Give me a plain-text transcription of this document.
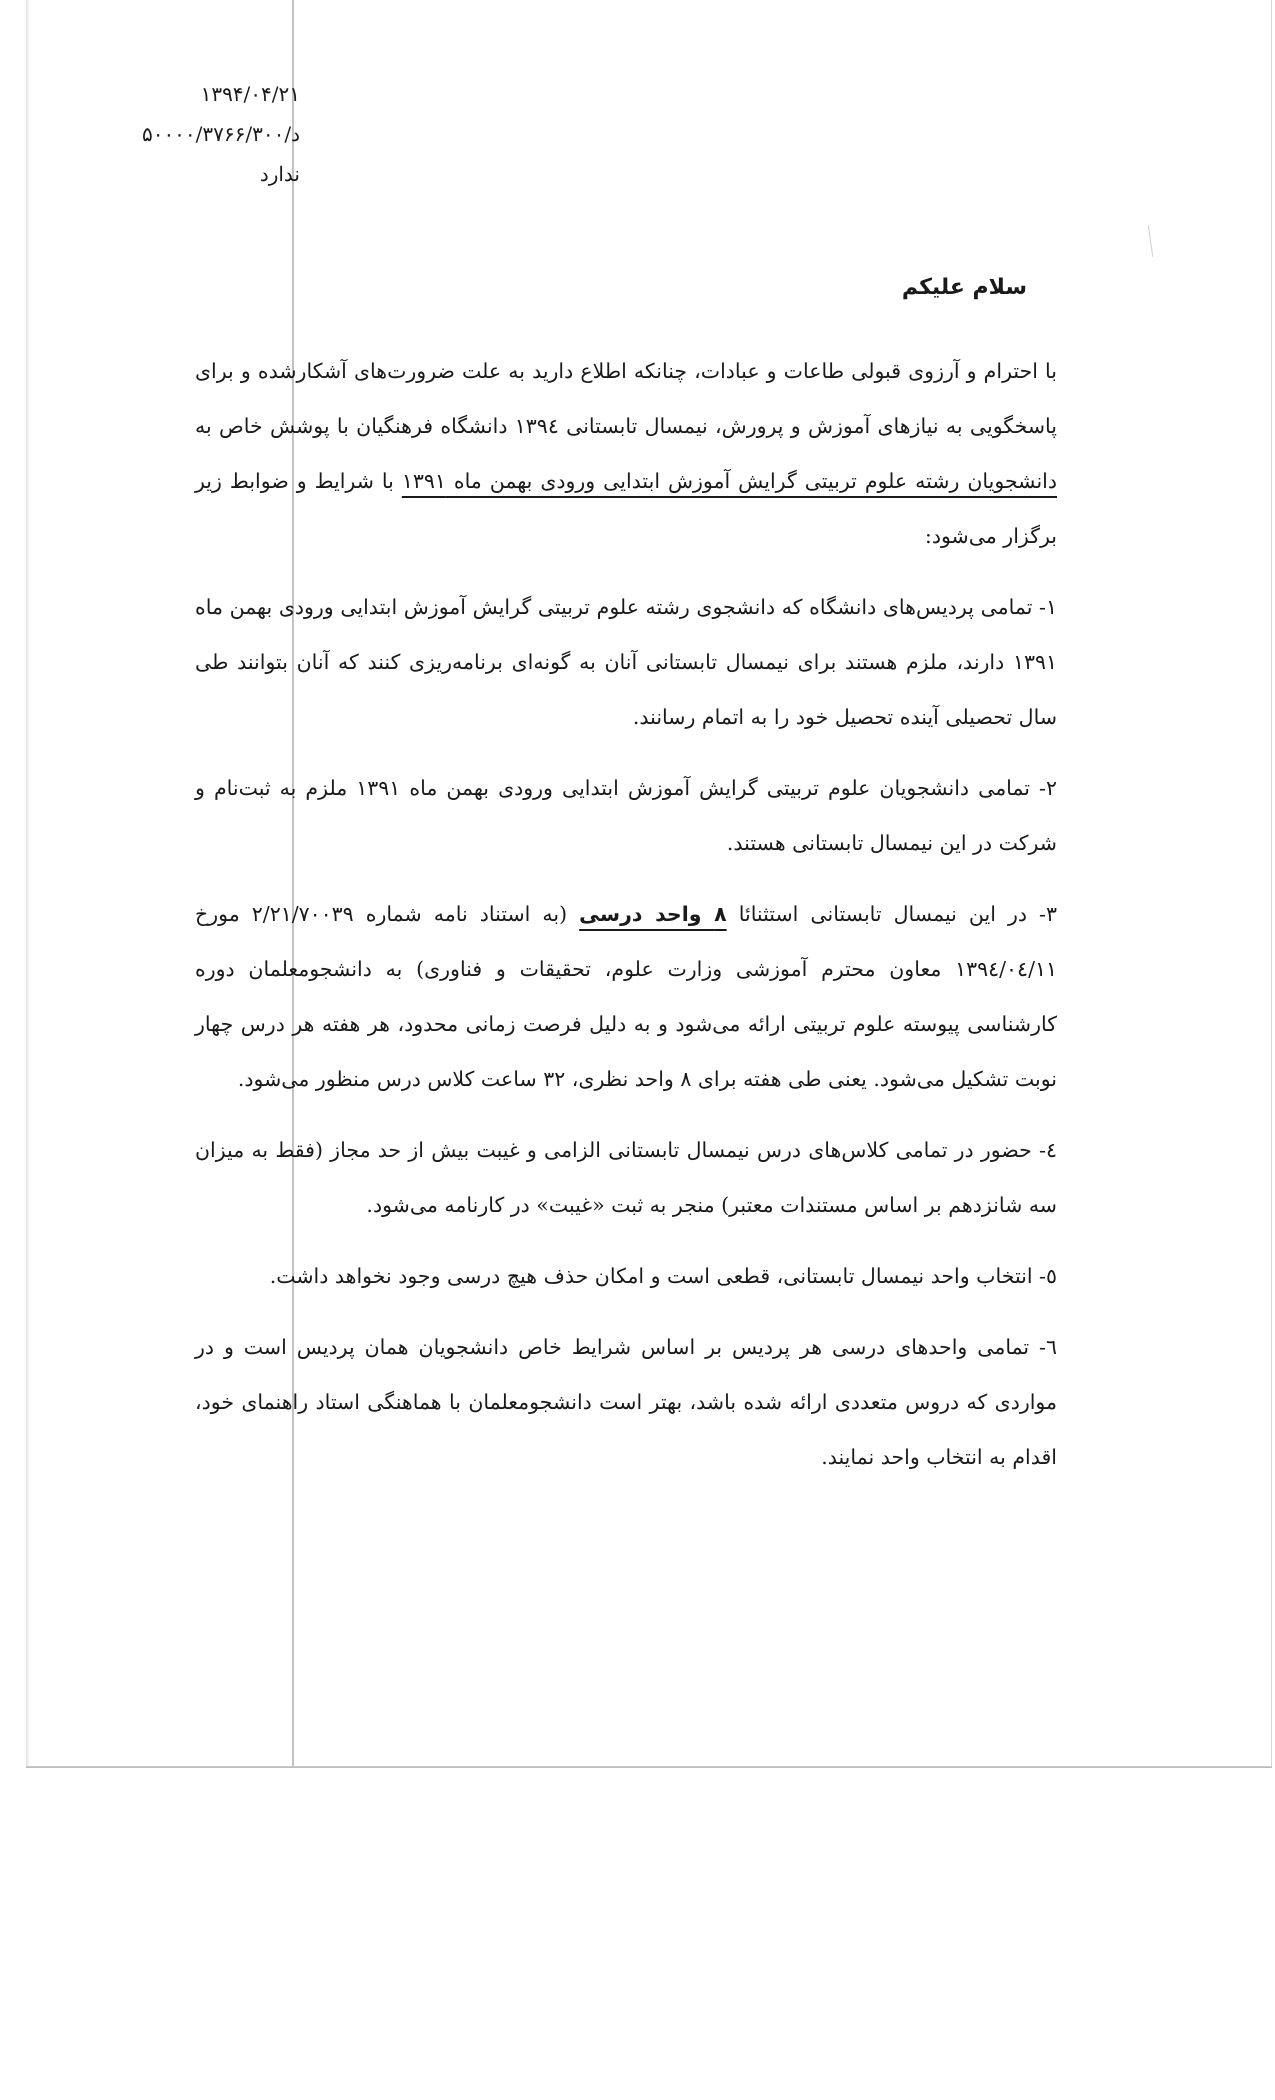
۱۳۹۴/۰۴/۲۱
د/۵۰۰۰۰/۳۷۶۶/۳۰۰
ندارد
سلام علیکم

با احترام و آرزوی قبولی طاعات و عبادات، چنانکه اطلاع دارید به علت ضرورت‌های آشکارشده و برای پاسخگویی به نیازهای آموزش و پرورش، نیمسال تابستانی ۱۳۹٤ دانشگاه فرهنگیان با پوشش خاص به دانشجویان رشته علوم تربیتی گرایش آموزش ابتدایی ورودی بهمن ماه ۱۳۹۱ با شرایط و ضوابط زیر برگزار می‌شود:

۱- تمامی پردیس‌های دانشگاه که دانشجوی رشته علوم تربیتی گرایش آموزش ابتدایی ورودی بهمن ماه ۱۳۹۱ دارند، ملزم هستند برای نیمسال تابستانی آنان به گونه‌ای برنامه‌ریزی کنند که آنان بتوانند طی سال تحصیلی آینده تحصیل خود را به اتمام رسانند.

۲- تمامی دانشجویان علوم تربیتی گرایش آموزش ابتدایی ورودی بهمن ماه ۱۳۹۱ ملزم به ثبت‌نام و شرکت در این نیمسال تابستانی هستند.

۳- در این نیمسال تابستانی استثنائا ۸ واحد درسی (به استناد نامه شماره ۲/۲۱/۷۰۰۳۹ مورخ ۱۳۹٤/۰٤/۱۱ معاون محترم آموزشی وزارت علوم، تحقیقات و فناوری) به دانشجومعلمان دوره کارشناسی پیوسته علوم تربیتی ارائه می‌شود و به دلیل فرصت زمانی محدود، هر هفته هر درس چهار نوبت تشکیل می‌شود. یعنی طی هفته برای ۸ واحد نظری، ۳۲ ساعت کلاس درس منظور می‌شود.

٤- حضور در تمامی کلاس‌های درس نیمسال تابستانی الزامی و غیبت بیش از حد مجاز (فقط به میزان سه شانزدهم بر اساس مستندات معتبر) منجر به ثبت «غیبت» در کارنامه می‌شود.

٥- انتخاب واحد نیمسال تابستانی، قطعی است و امکان حذف هیچ درسی وجود نخواهد داشت.

٦- تمامی واحدهای درسی هر پردیس بر اساس شرایط خاص دانشجویان همان پردیس است و در مواردی که دروس متعددی ارائه شده باشد، بهتر است دانشجومعلمان با هماهنگی استاد راهنمای خود، اقدام به انتخاب واحد نمایند.
